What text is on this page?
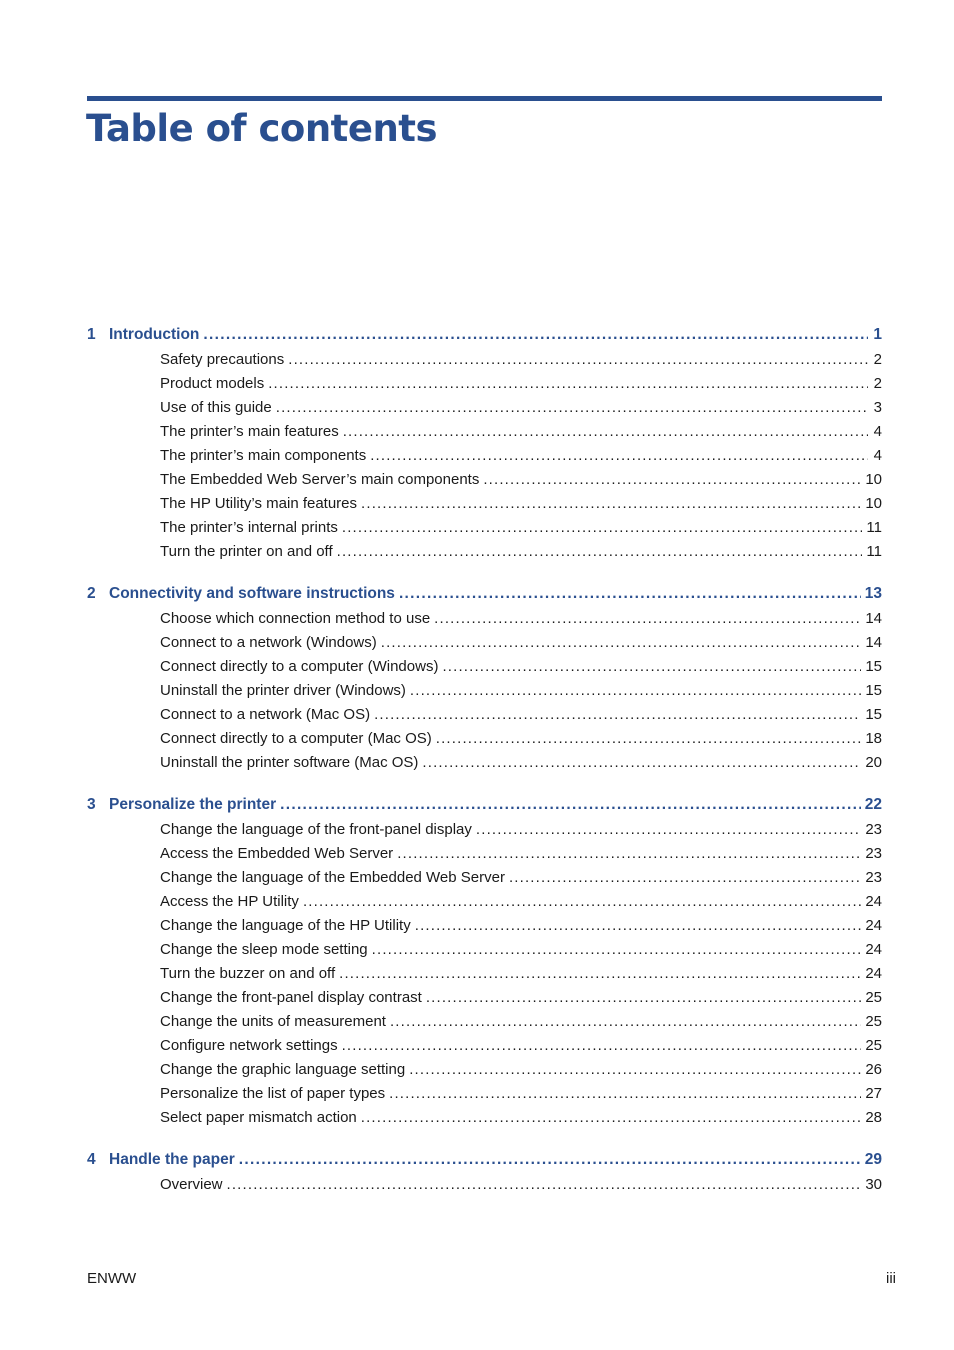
Table of contents
1 Introduction . . .	1
Safety precautions . . .	2
Product models . . .	2
Use of this guide . . .	3
The printer’s main features . . .	4
The printer’s main components . . .	4
The Embedded Web Server’s main components . . .	10
The HP Utility’s main features . . .	10
The printer’s internal prints . . .	11
Turn the printer on and off . . .	11
2 Connectivity and software instructions . . .	13
Choose which connection method to use . . .	14
Connect to a network (Windows) . . .	14
Connect directly to a computer (Windows) . . .	15
Uninstall the printer driver (Windows) . . .	15
Connect to a network (Mac OS) . . .	15
Connect directly to a computer (Mac OS) . . .	18
Uninstall the printer software (Mac OS) . . .	20
3 Personalize the printer . . .	22
Change the language of the front-panel display . . .	23
Access the Embedded Web Server . . .	23
Change the language of the Embedded Web Server . . .	23
Access the HP Utility . . .	24
Change the language of the HP Utility . . .	24
Change the sleep mode setting . . .	24
Turn the buzzer on and off . . .	24
Change the front-panel display contrast . . .	25
Change the units of measurement . . .	25
Configure network settings . . .	25
Change the graphic language setting . . .	26
Personalize the list of paper types . . .	27
Select paper mismatch action . . .	28
4 Handle the paper . . .	29
Overview . . .	30
ENWW	iii
